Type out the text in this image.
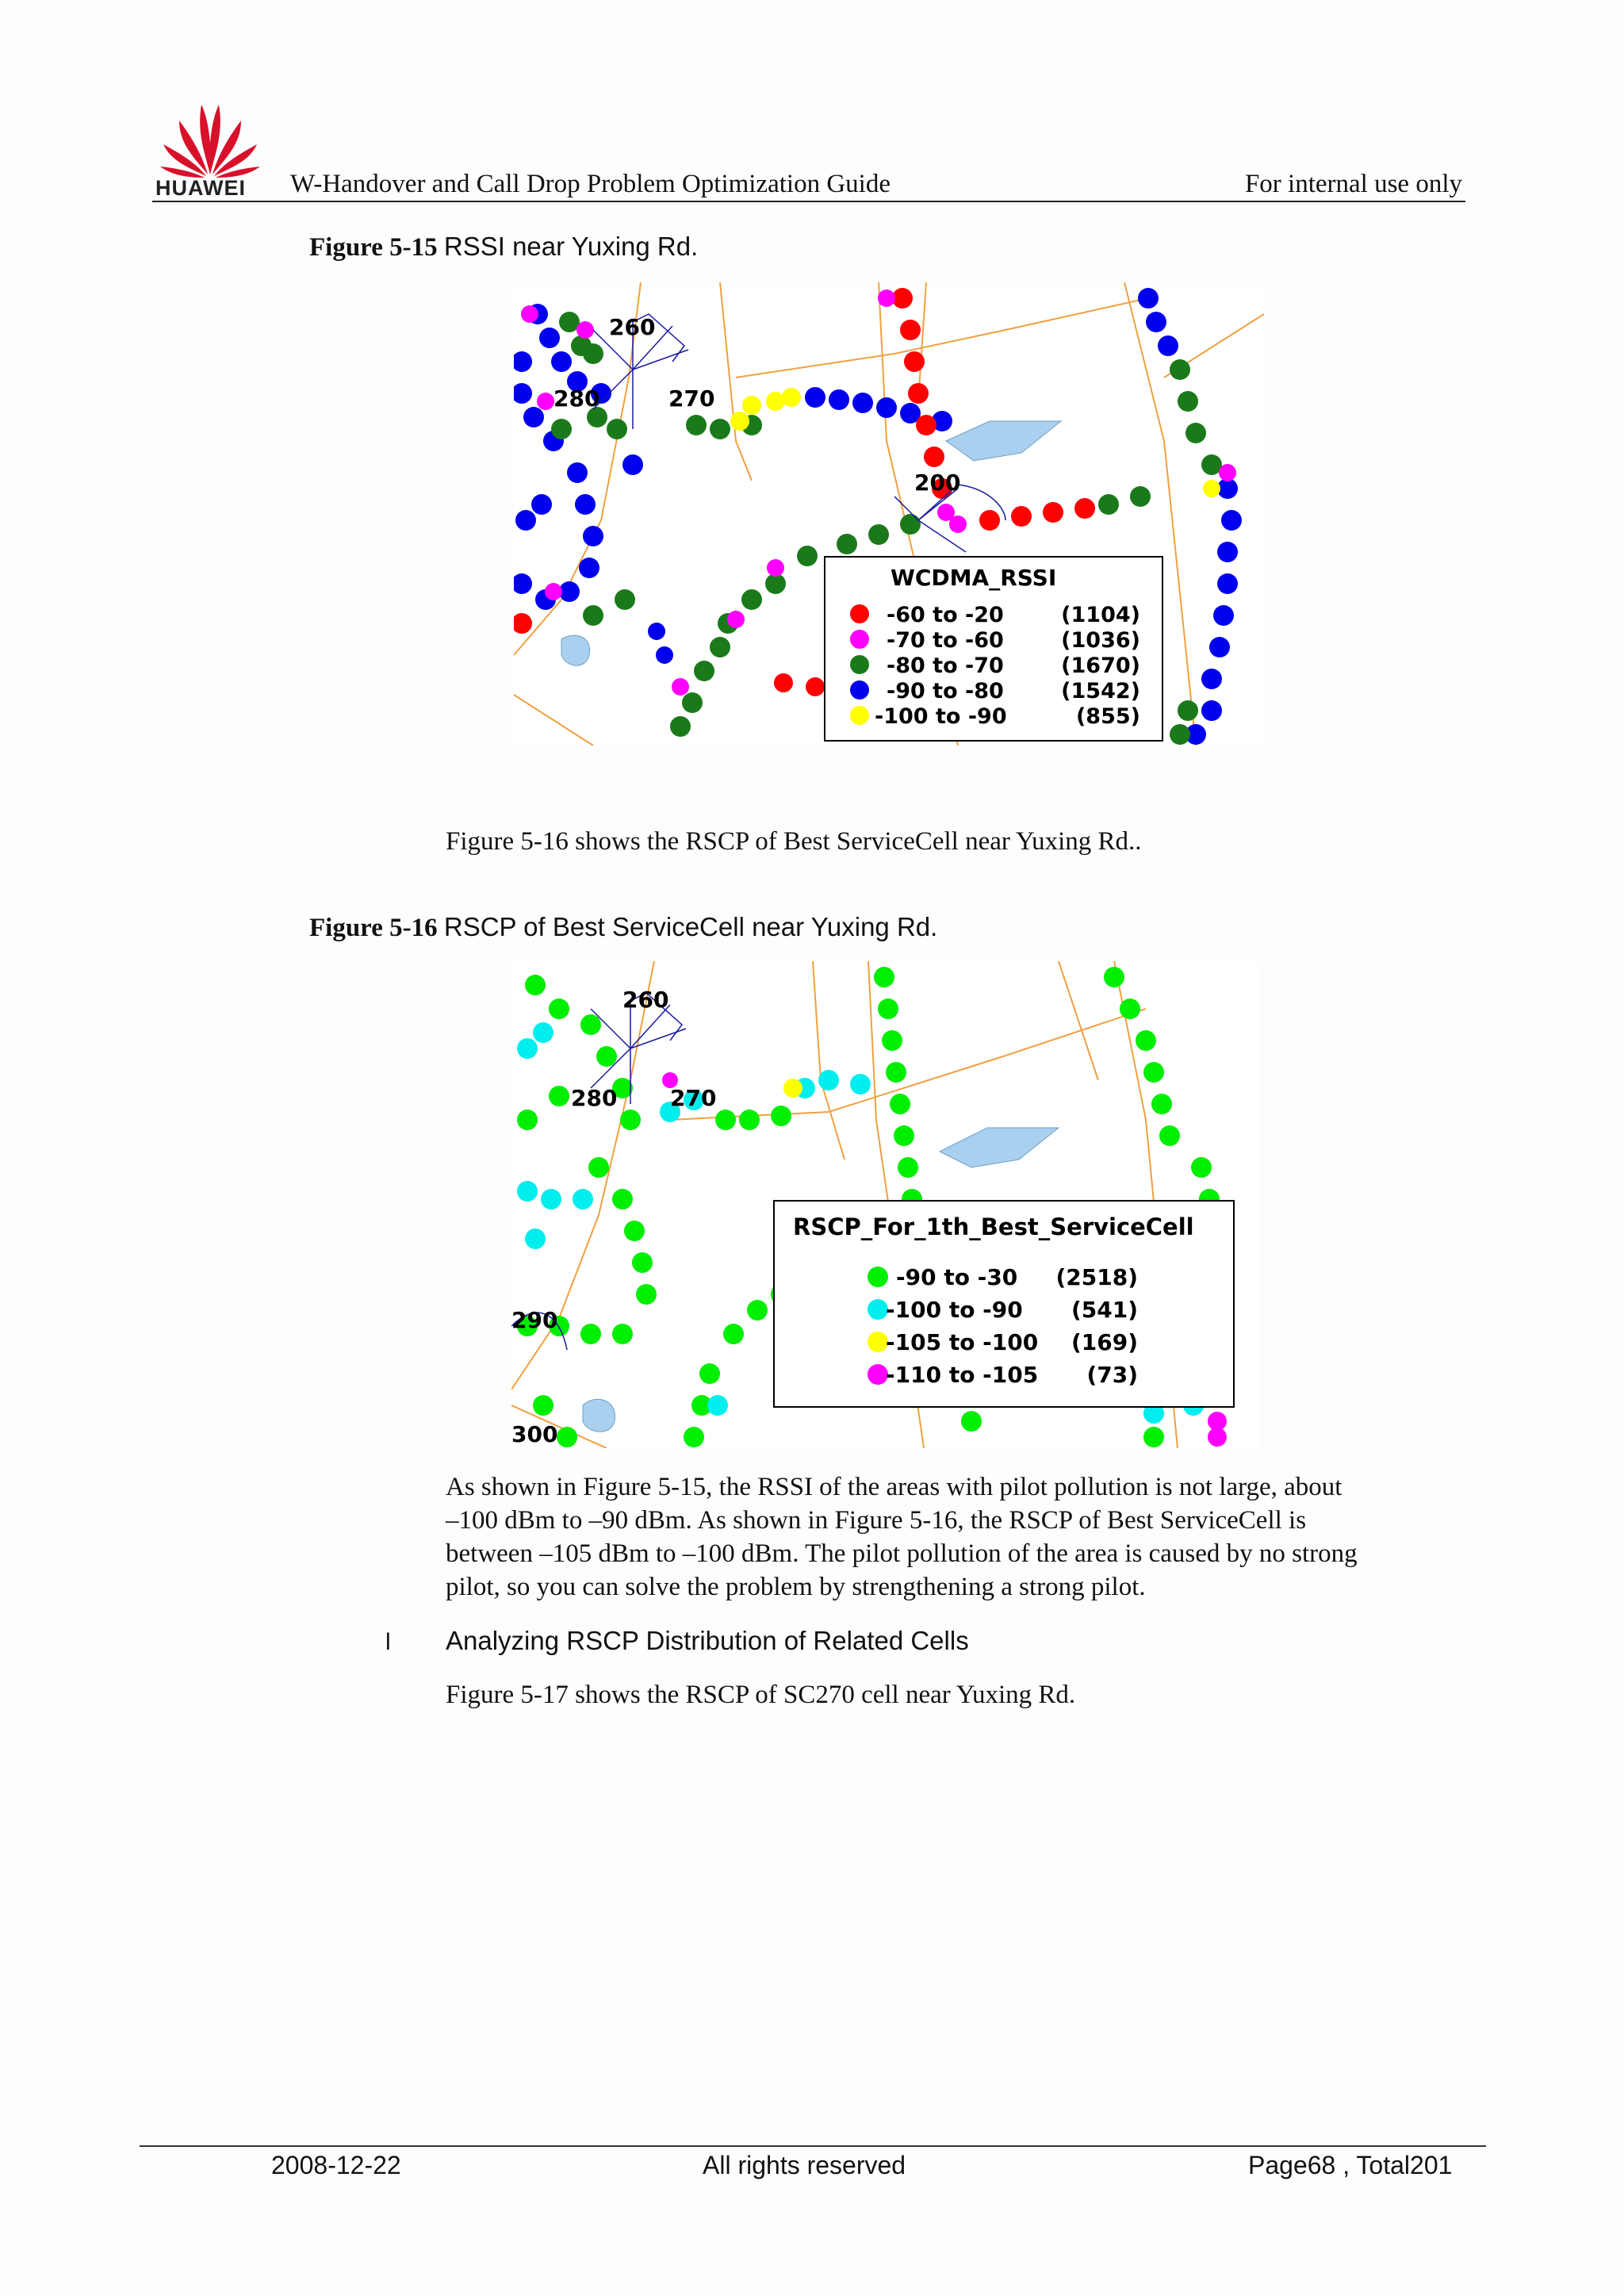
HUAWEI W-Handover and Call Drop Problem Optimization Guide	For internal use only
Figure 5-15 RSSI near Yuxing Rd.
260
280	270
200
WCDMA_RSSI
-60 to -20	(1104)
-70 to -60	(1036)
-80 to -70	(1670)
-90 to -80	(1542)
-100 to -90	(855)
Figure 5-16 shows the RSCP of Best ServiceCell near Yuxing Rd..
Figure 5-16 RSCP of Best ServiceCell near Yuxing Rd.
260
280 270
290
300
RSCP_For_1th_Best_ServiceCell
-90 to -30 (2518)
-100 to -90 (541)
-105 to -100 (169)
-110 to -105 (73)
As shown in Figure 5-15, the RSSI of the areas with pilot pollution is not large, about
–100 dBm to –90 dBm. As shown in Figure 5-16, the RSCP of Best ServiceCell is
between –105 dBm to –100 dBm. The pilot pollution of the area is caused by no strong
pilot, so you can solve the problem by strengthening a strong pilot.
l Analyzing RSCP Distribution of Related Cells
Figure 5-17 shows the RSCP of SC270 cell near Yuxing Rd.
2008-12-22	All rights reserved	Page68 , Total201
